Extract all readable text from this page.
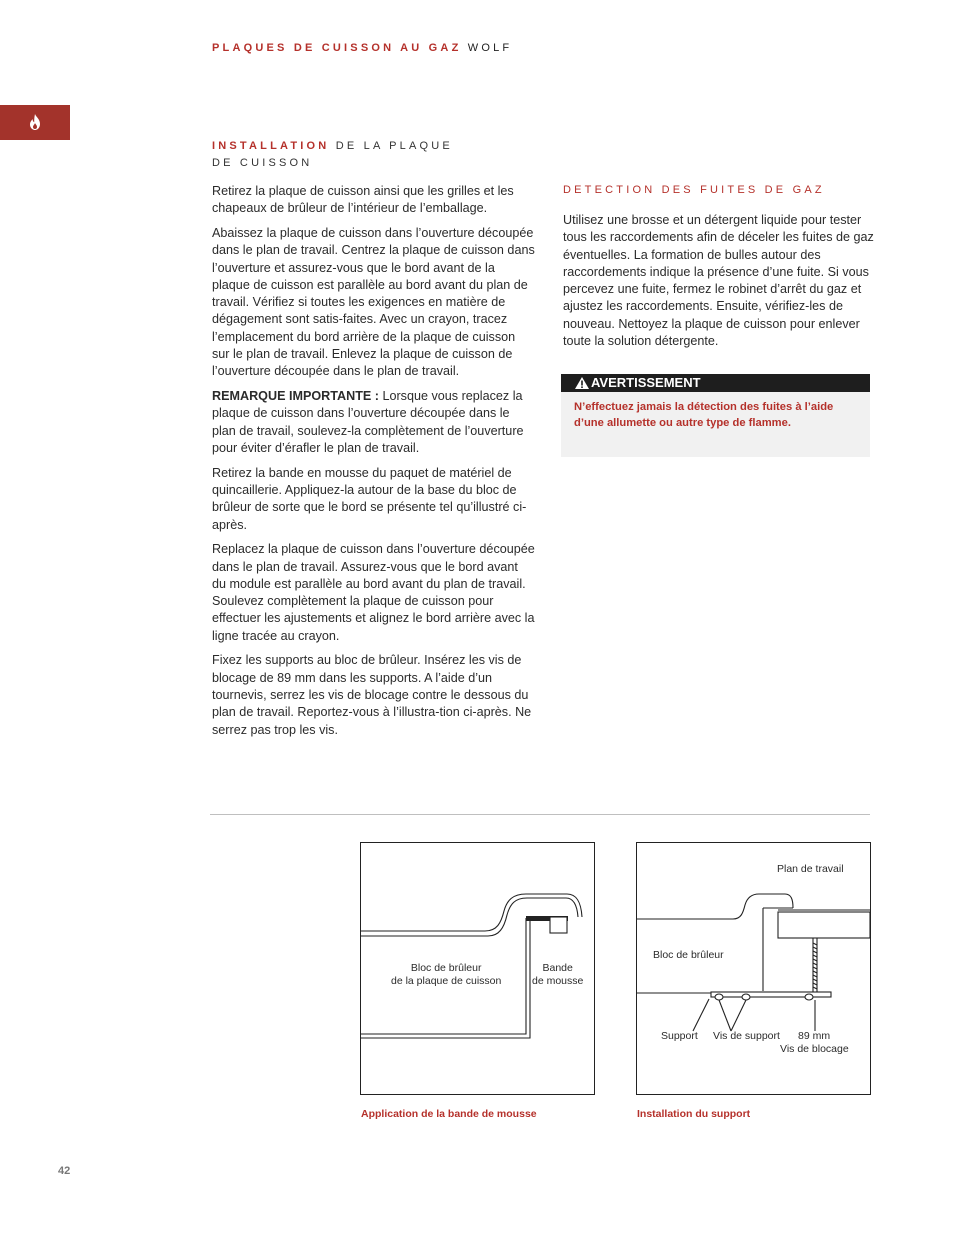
PLAQUES DE CUISSON AU GAZ WOLF
INSTALLATION DE LA PLAQUE
DE CUISSON

Retirez la plaque de cuisson ainsi que les grilles et les chapeaux de brûleur de l’intérieur de l’emballage.

Abaissez la plaque de cuisson dans l’ouverture découpée dans le plan de travail. Centrez la plaque de cuisson dans l’ouverture et assurez-vous que le bord avant de la plaque de cuisson est parallèle au bord avant du plan de travail. Vérifiez si toutes les exigences en matière de dégagement sont satis-faites. Avec un crayon, tracez l’emplacement du bord arrière de la plaque de cuisson sur le plan de travail. Enlevez la plaque de cuisson de l’ouverture découpée dans le plan de travail.

REMARQUE IMPORTANTE : Lorsque vous replacez la plaque de cuisson dans l’ouverture découpée dans le plan de travail, soulevez-la complètement de l’ouverture pour éviter d’érafler le plan de travail.

Retirez la bande en mousse du paquet de matériel de quincaillerie. Appliquez-la autour de la base du bloc de brûleur de sorte que le bord se présente tel qu’illustré ci-après.

Replacez la plaque de cuisson dans l’ouverture découpée dans le plan de travail. Assurez-vous que le bord avant du module est parallèle au bord avant du plan de travail. Soulevez complètement la plaque de cuisson pour effectuer les ajustements et alignez le bord arrière avec la ligne tracée au crayon.

Fixez les supports au bloc de brûleur. Insérez les vis de blocage de 89 mm dans les supports. A l’aide d’un tournevis, serrez les vis de blocage contre le dessous du plan de travail. Reportez-vous à l’illustra-tion ci-après. Ne serrez pas trop les vis.

DETECTION DES FUITES DE GAZ

Utilisez une brosse et un détergent liquide pour tester tous les raccordements afin de déceler les fuites de gaz éventuelles. La formation de bulles autour des raccordements indique la présence d’une fuite. Si vous percevez une fuite, fermez le robinet d’arrêt du gaz et ajustez les raccordements. Ensuite, vérifiez-les de nouveau. Nettoyez la plaque de cuisson pour enlever toute la solution détergente.

AVERTISSEMENT
N’effectuez jamais la détection des fuites à l’aide d’une allumette ou autre type de flamme.
Bloc de brûleur
de la plaque de cuisson
Bande
de mousse
Application de la bande de mousse
Plan de travail
Bloc de brûleur
Support Vis de support 89 mm
Vis de blocage
Installation du support
42
